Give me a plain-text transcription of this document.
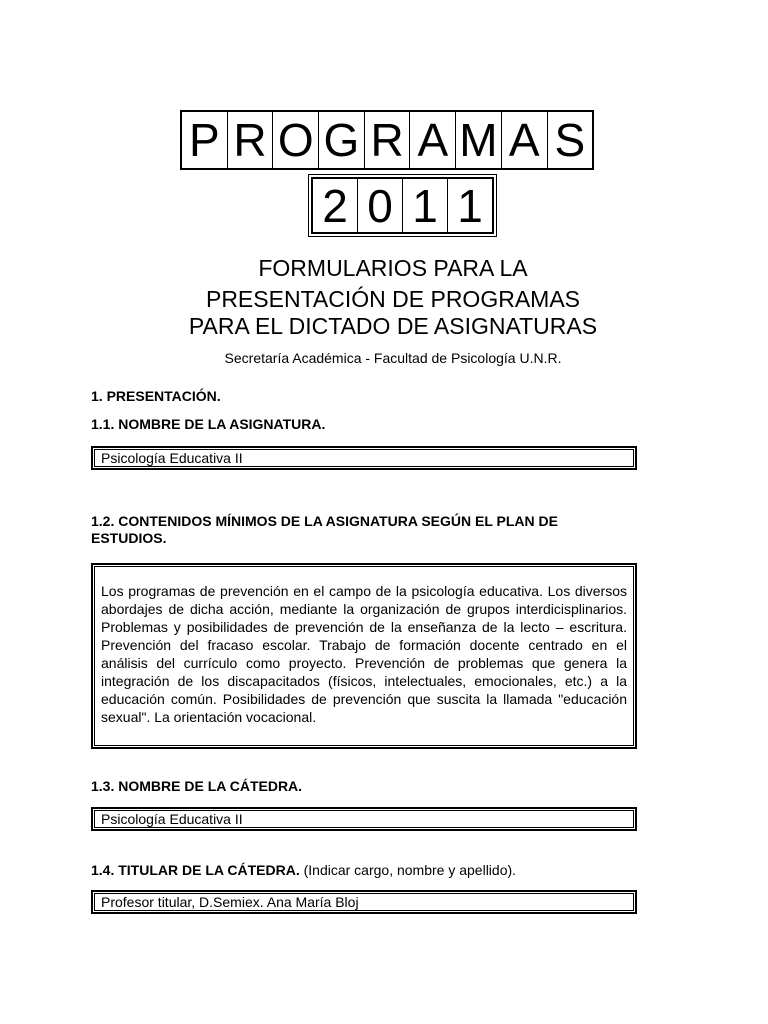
P R O G R A M A S
2 0 1 1
FORMULARIOS PARA LA
PRESENTACIÓN DE PROGRAMAS
PARA EL DICTADO DE ASIGNATURAS
Secretaría Académica - Facultad de Psicología U.N.R.
1. PRESENTACIÓN.
1.1. NOMBRE DE LA ASIGNATURA.
Psicología Educativa II
1.2. CONTENIDOS MÍNIMOS DE LA ASIGNATURA SEGÚN EL PLAN DE
ESTUDIOS.

Los programas de prevención en el campo de la psicología educativa. Los diversos abordajes de dicha acción, mediante la organización de grupos interdicisplinarios. Problemas y posibilidades de prevención de la enseñanza de la lecto – escritura. Prevención del fracaso escolar. Trabajo de formación docente centrado en el análisis del currículo como proyecto. Prevención de problemas que genera la integración de los discapacitados (físicos, intelectuales, emocionales, etc.) a la educación común. Posibilidades de prevención que suscita la llamada "educación sexual". La orientación vocacional.

1.3. NOMBRE DE LA CÁTEDRA.
Psicología Educativa II
1.4. TITULAR DE LA CÁTEDRA. (Indicar cargo, nombre y apellido).
Profesor titular, D.Semiex. Ana María Bloj
